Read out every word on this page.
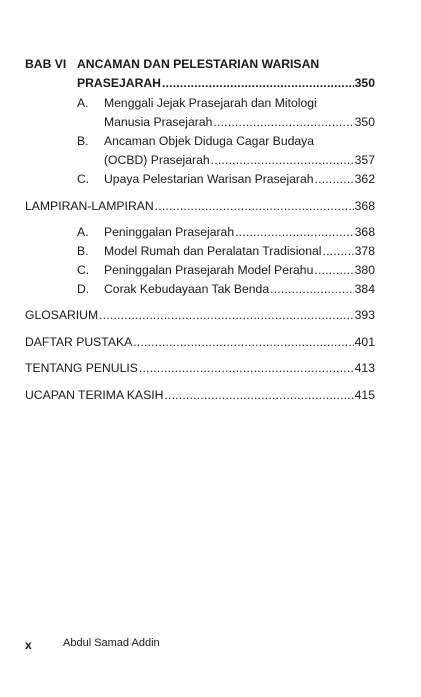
BAB VI ANCAMAN DAN PELESTARIAN WARISAN
PRASEJARAH .....	350
A. Menggali Jejak Prasejarah dan Mitologi
Manusia Prasejarah .....	350
B. Ancaman Objek Diduga Cagar Budaya
(OCBD) Prasejarah .....	357
C. Upaya Pelestarian Warisan Prasejarah .....	362
LAMPIRAN-LAMPIRAN .....	368
A. Peninggalan Prasejarah .....	368
B. Model Rumah dan Peralatan Tradisional .....	378
C. Peninggalan Prasejarah Model Perahu .....	380
D. Corak Kebudayaan Tak Benda .....	384
GLOSARIUM .....	393
DAFTAR PUSTAKA .....	401
TENTANG PENULIS .....	413
UCAPAN TERIMA KASIH .....	415
x	Abdul Samad Addin
